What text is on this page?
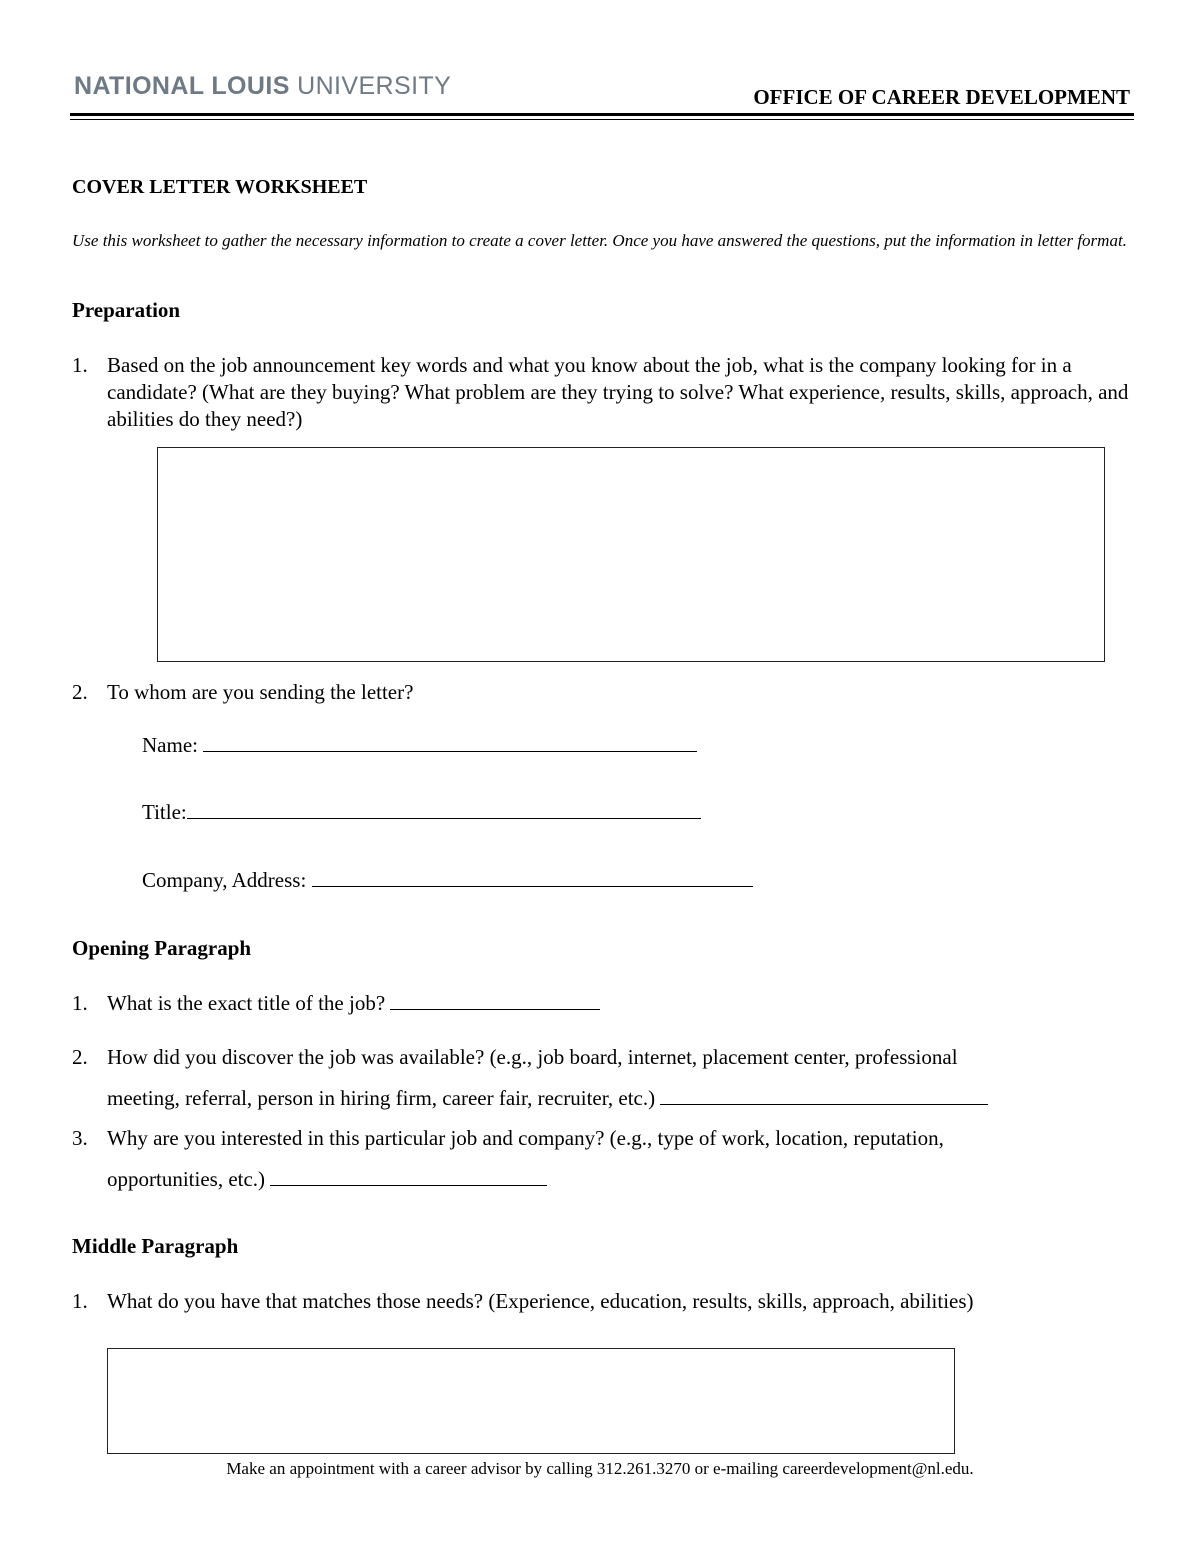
NATIONAL LOUIS UNIVERSITY	OFFICE OF CAREER DEVELOPMENT
COVER LETTER WORKSHEET
Use this worksheet to gather the necessary information to create a cover letter. Once you have answered the questions, put the information in letter format.
Preparation
1. Based on the job announcement key words and what you know about the job, what is the company looking for in a candidate? (What are they buying? What problem are they trying to solve? What experience, results, skills, approach, and abilities do they need?)
2. To whom are you sending the letter?
Name:
Title:
Company, Address:
Opening Paragraph
1. What is the exact title of the job?
2. How did you discover the job was available? (e.g., job board, internet, placement center, professional
meeting, referral, person in hiring firm, career fair, recruiter, etc.)
3. Why are you interested in this particular job and company? (e.g., type of work, location, reputation,
opportunities, etc.)
Middle Paragraph
1. What do you have that matches those needs? (Experience, education, results, skills, approach, abilities)
Make an appointment with a career advisor by calling 312.261.3270 or e-mailing careerdevelopment@nl.edu.
